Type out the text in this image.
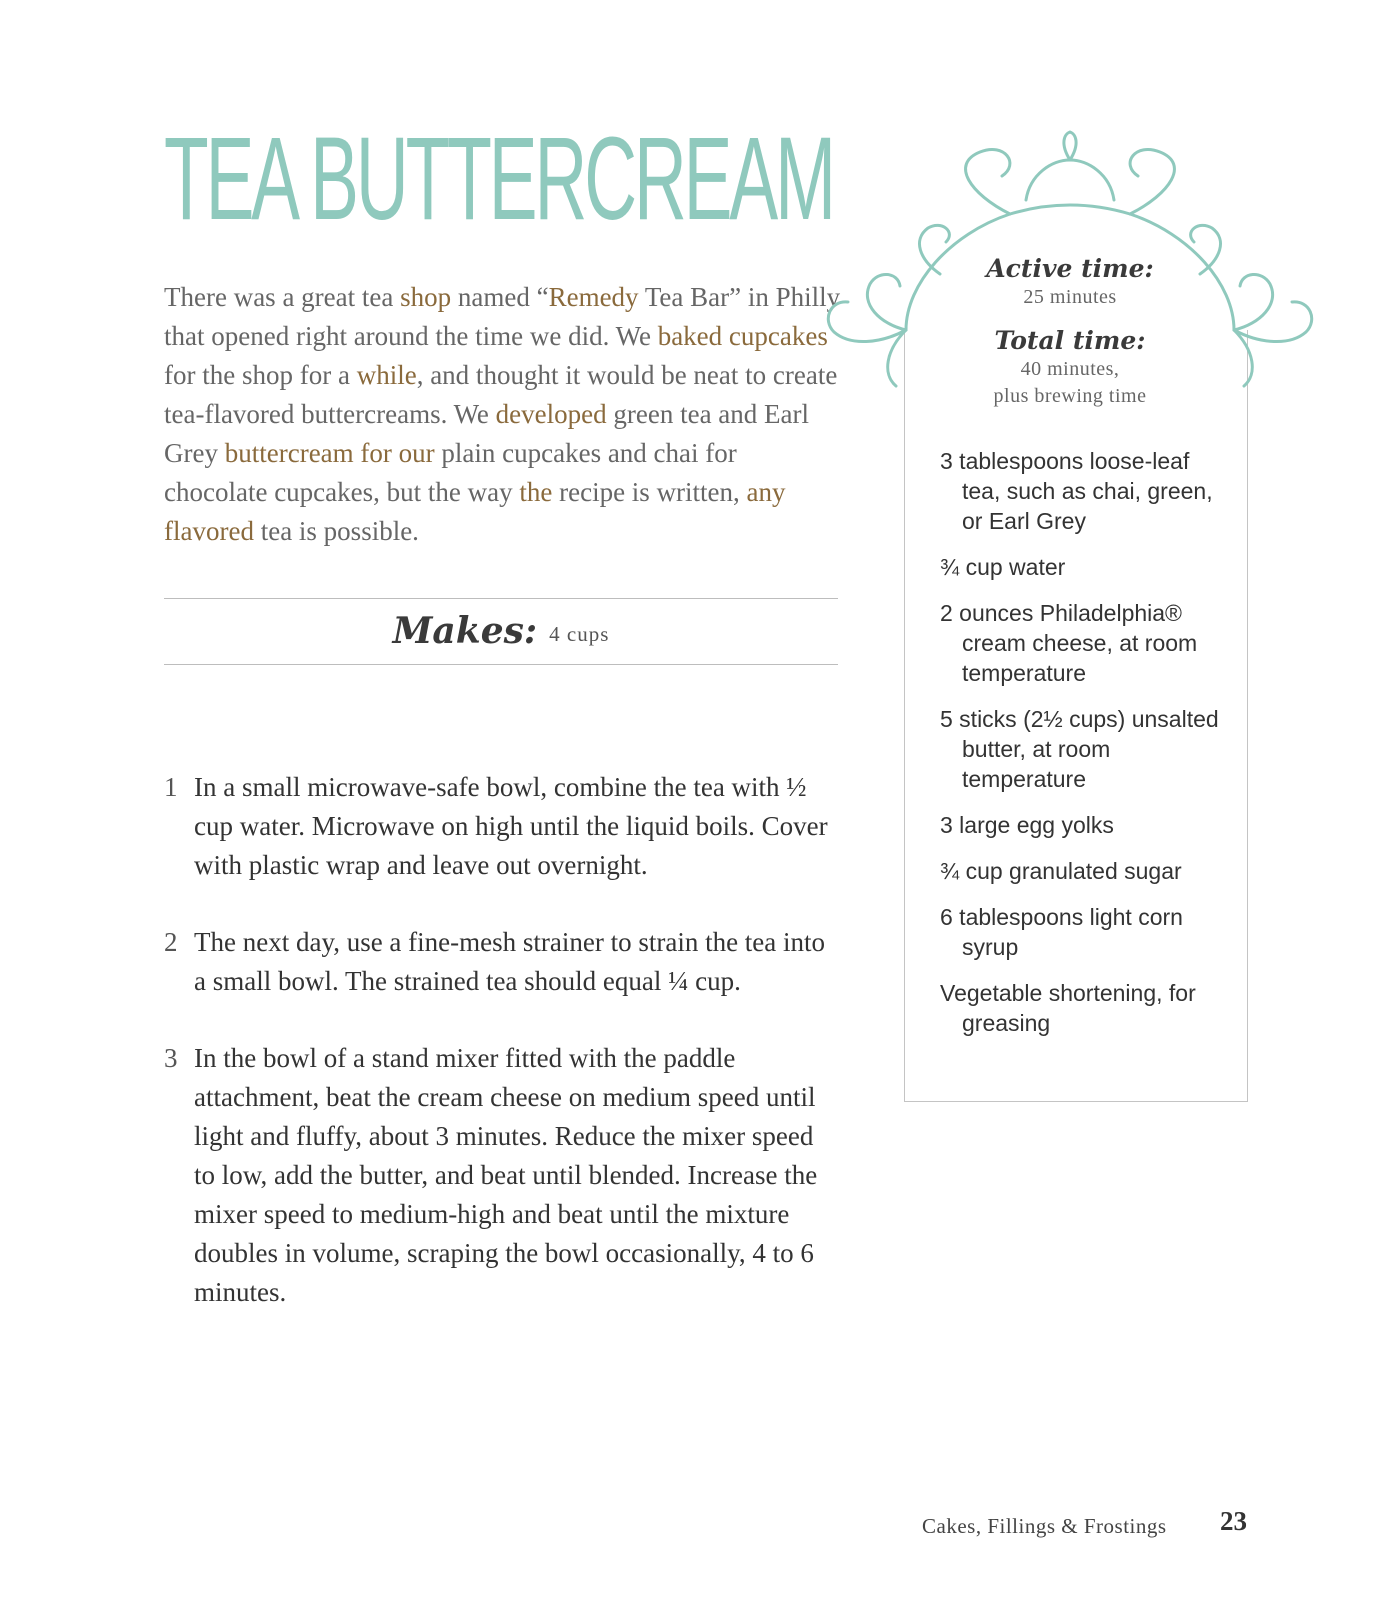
TEA BUTTERCREAM

There was a great tea shop named “Remedy Tea Bar” in Philly that opened right around the time we did. We baked cupcakes for the shop for a while, and thought it would be neat to create tea-flavored buttercreams. We developed green tea and Earl Grey buttercream for our plain cupcakes and chai for chocolate cupcakes, but the way the recipe is written, any flavored tea is possible.

Makes: 4 cups
1 In a small microwave-safe bowl, combine the tea with ½ cup water. Microwave on high until the liquid boils. Cover with plastic wrap and leave out overnight.
2 The next day, use a fine-mesh strainer to strain the tea into a small bowl. The strained tea should equal ¼ cup.
3 In the bowl of a stand mixer fitted with the paddle attachment, beat the cream cheese on medium speed until light and fluffy, about 3 minutes. Reduce the mixer speed to low, add the butter, and beat until blended. Increase the mixer speed to medium-high and beat until the mixture doubles in volume, scraping the bowl occasionally, 4 to 6 minutes.
Active time:
25 minutes
Total time:
40 minutes,
plus brewing time
3 tablespoons loose-leaf tea, such as chai, green, or Earl Grey
¾ cup water
2 ounces Philadelphia® cream cheese, at room temperature
5 sticks (2½ cups) unsalted butter, at room temperature
3 large egg yolks
¾ cup granulated sugar
6 tablespoons light corn syrup
Vegetable shortening, for greasing
Cakes, Fillings & Frostings 23
